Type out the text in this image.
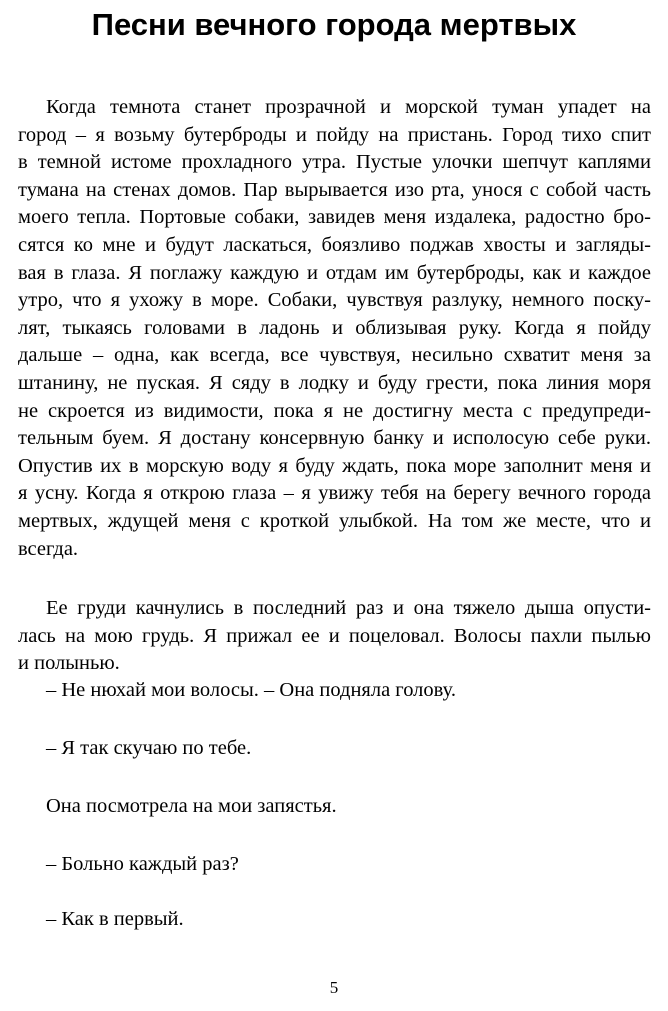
Песни вечного города мертвых
Когда темнота станет прозрачной и морской туман упадет на
город – я возьму бутерброды и пойду на пристань. Город тихо спит
в темной истоме прохладного утра. Пустые улочки шепчут каплями
тумана на стенах домов. Пар вырывается изо рта, унося с собой часть
моего тепла. Портовые собаки, завидев меня издалека, радостно бро-
сятся ко мне и будут ласкаться, боязливо поджав хвосты и загляды-
вая в глаза. Я поглажу каждую и отдам им бутерброды, как и каждое
утро, что я ухожу в море. Собаки, чувствуя разлуку, немного поску-
лят, тыкаясь головами в ладонь и облизывая руку. Когда я пойду
дальше – одна, как всегда, все чувствуя, несильно схватит меня за
штанину, не пуская. Я сяду в лодку и буду грести, пока линия моря
не скроется из видимости, пока я не достигну места с предупреди-
тельным буем. Я достану консервную банку и исполосую себе руки.
Опустив их в морскую воду я буду ждать, пока море заполнит меня и
я усну. Когда я открою глаза – я увижу тебя на берегу вечного города
мертвых, ждущей меня с кроткой улыбкой. На том же месте, что и
всегда.
Ее груди качнулись в последний раз и она тяжело дыша опусти-
лась на мою грудь. Я прижал ее и поцеловал. Волосы пахли пылью
и полынью.

– Не нюхай мои волосы. – Она подняла голову.

– Я так скучаю по тебе.

Она посмотрела на мои запястья.

– Больно каждый раз?

– Как в первый.

5
